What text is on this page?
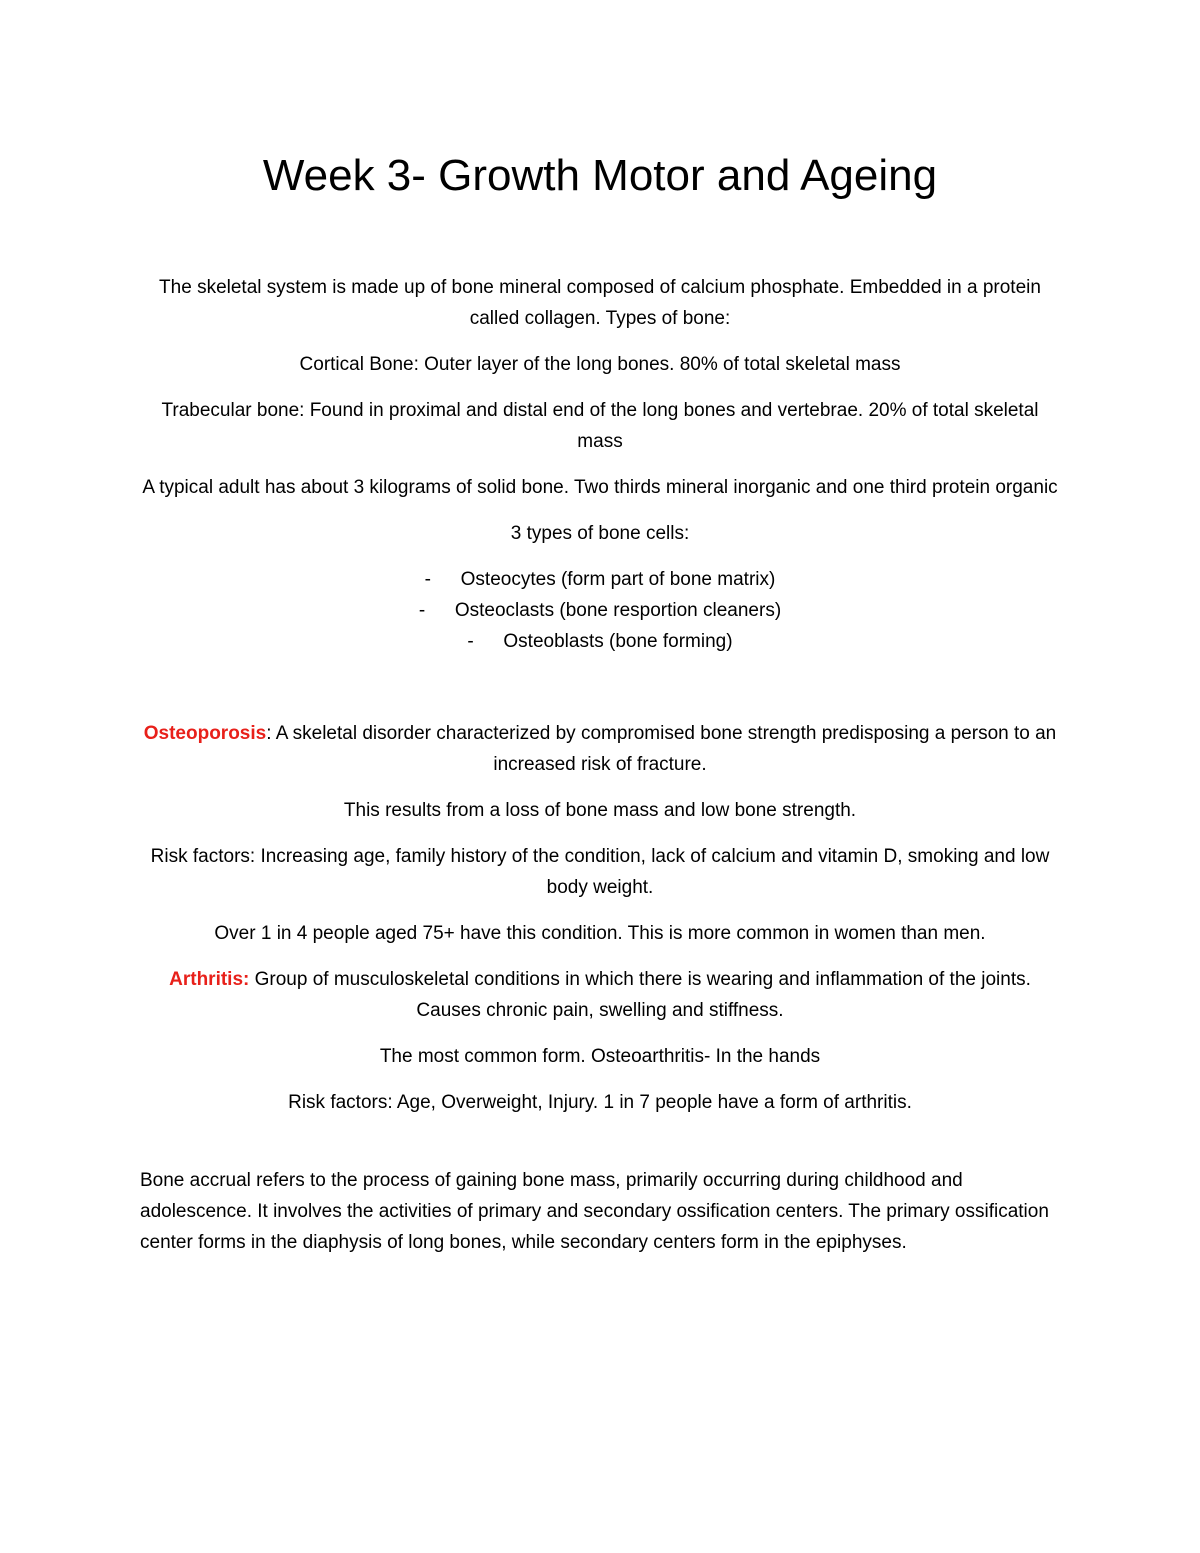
Week 3- Growth Motor and Ageing

The skeletal system is made up of bone mineral composed of calcium phosphate. Embedded in a protein called collagen. Types of bone:

Cortical Bone: Outer layer of the long bones. 80% of total skeletal mass

Trabecular bone: Found in proximal and distal end of the long bones and vertebrae. 20% of total skeletal mass

A typical adult has about 3 kilograms of solid bone. Two thirds mineral inorganic and one third protein organic

3 types of bone cells:

- Osteocytes (form part of bone matrix)
- Osteoclasts (bone resportion cleaners)
- Osteoblasts (bone forming)

Osteoporosis: A skeletal disorder characterized by compromised bone strength predisposing a person to an increased risk of fracture.

This results from a loss of bone mass and low bone strength.

Risk factors: Increasing age, family history of the condition, lack of calcium and vitamin D, smoking and low body weight.

Over 1 in 4 people aged 75+ have this condition. This is more common in women than men.

Arthritis: Group of musculoskeletal conditions in which there is wearing and inflammation of the joints. Causes chronic pain, swelling and stiffness.

The most common form. Osteoarthritis- In the hands

Risk factors: Age, Overweight, Injury. 1 in 7 people have a form of arthritis.

Bone accrual refers to the process of gaining bone mass, primarily occurring during childhood and adolescence. It involves the activities of primary and secondary ossification centers. The primary ossification center forms in the diaphysis of long bones, while secondary centers form in the epiphyses.
